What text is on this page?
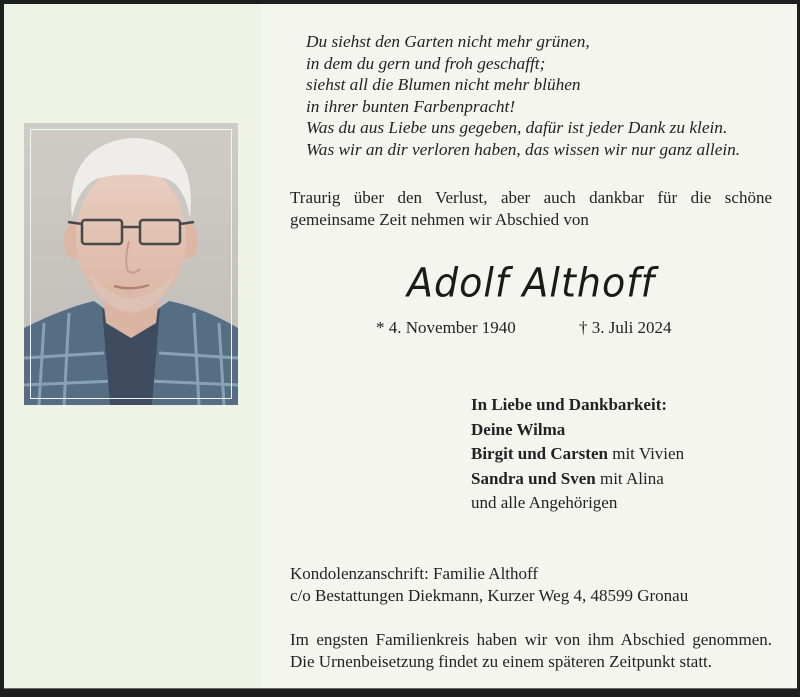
Du siehst den Garten nicht mehr grünen,
in dem du gern und froh geschafft;
siehst all die Blumen nicht mehr blühen
in ihrer bunten Farbenpracht!
Was du aus Liebe uns gegeben, dafür ist jeder Dank zu klein.
Was wir an dir verloren haben, das wissen wir nur ganz allein.
Traurig über den Verlust, aber auch dankbar für die schöne
gemeinsame Zeit nehmen wir Abschied von
Adolf Althoff
* 4. November 1940	† 3. Juli 2024
In Liebe und Dankbarkeit:
Deine Wilma
Birgit und Carsten mit Vivien
Sandra und Sven mit Alina
und alle Angehörigen
Kondolenzanschrift: Familie Althoff
c/o Bestattungen Diekmann, Kurzer Weg 4, 48599 Gronau
Im engsten Familienkreis haben wir von ihm Abschied genommen.
Die Urnenbeisetzung findet zu einem späteren Zeitpunkt statt.
